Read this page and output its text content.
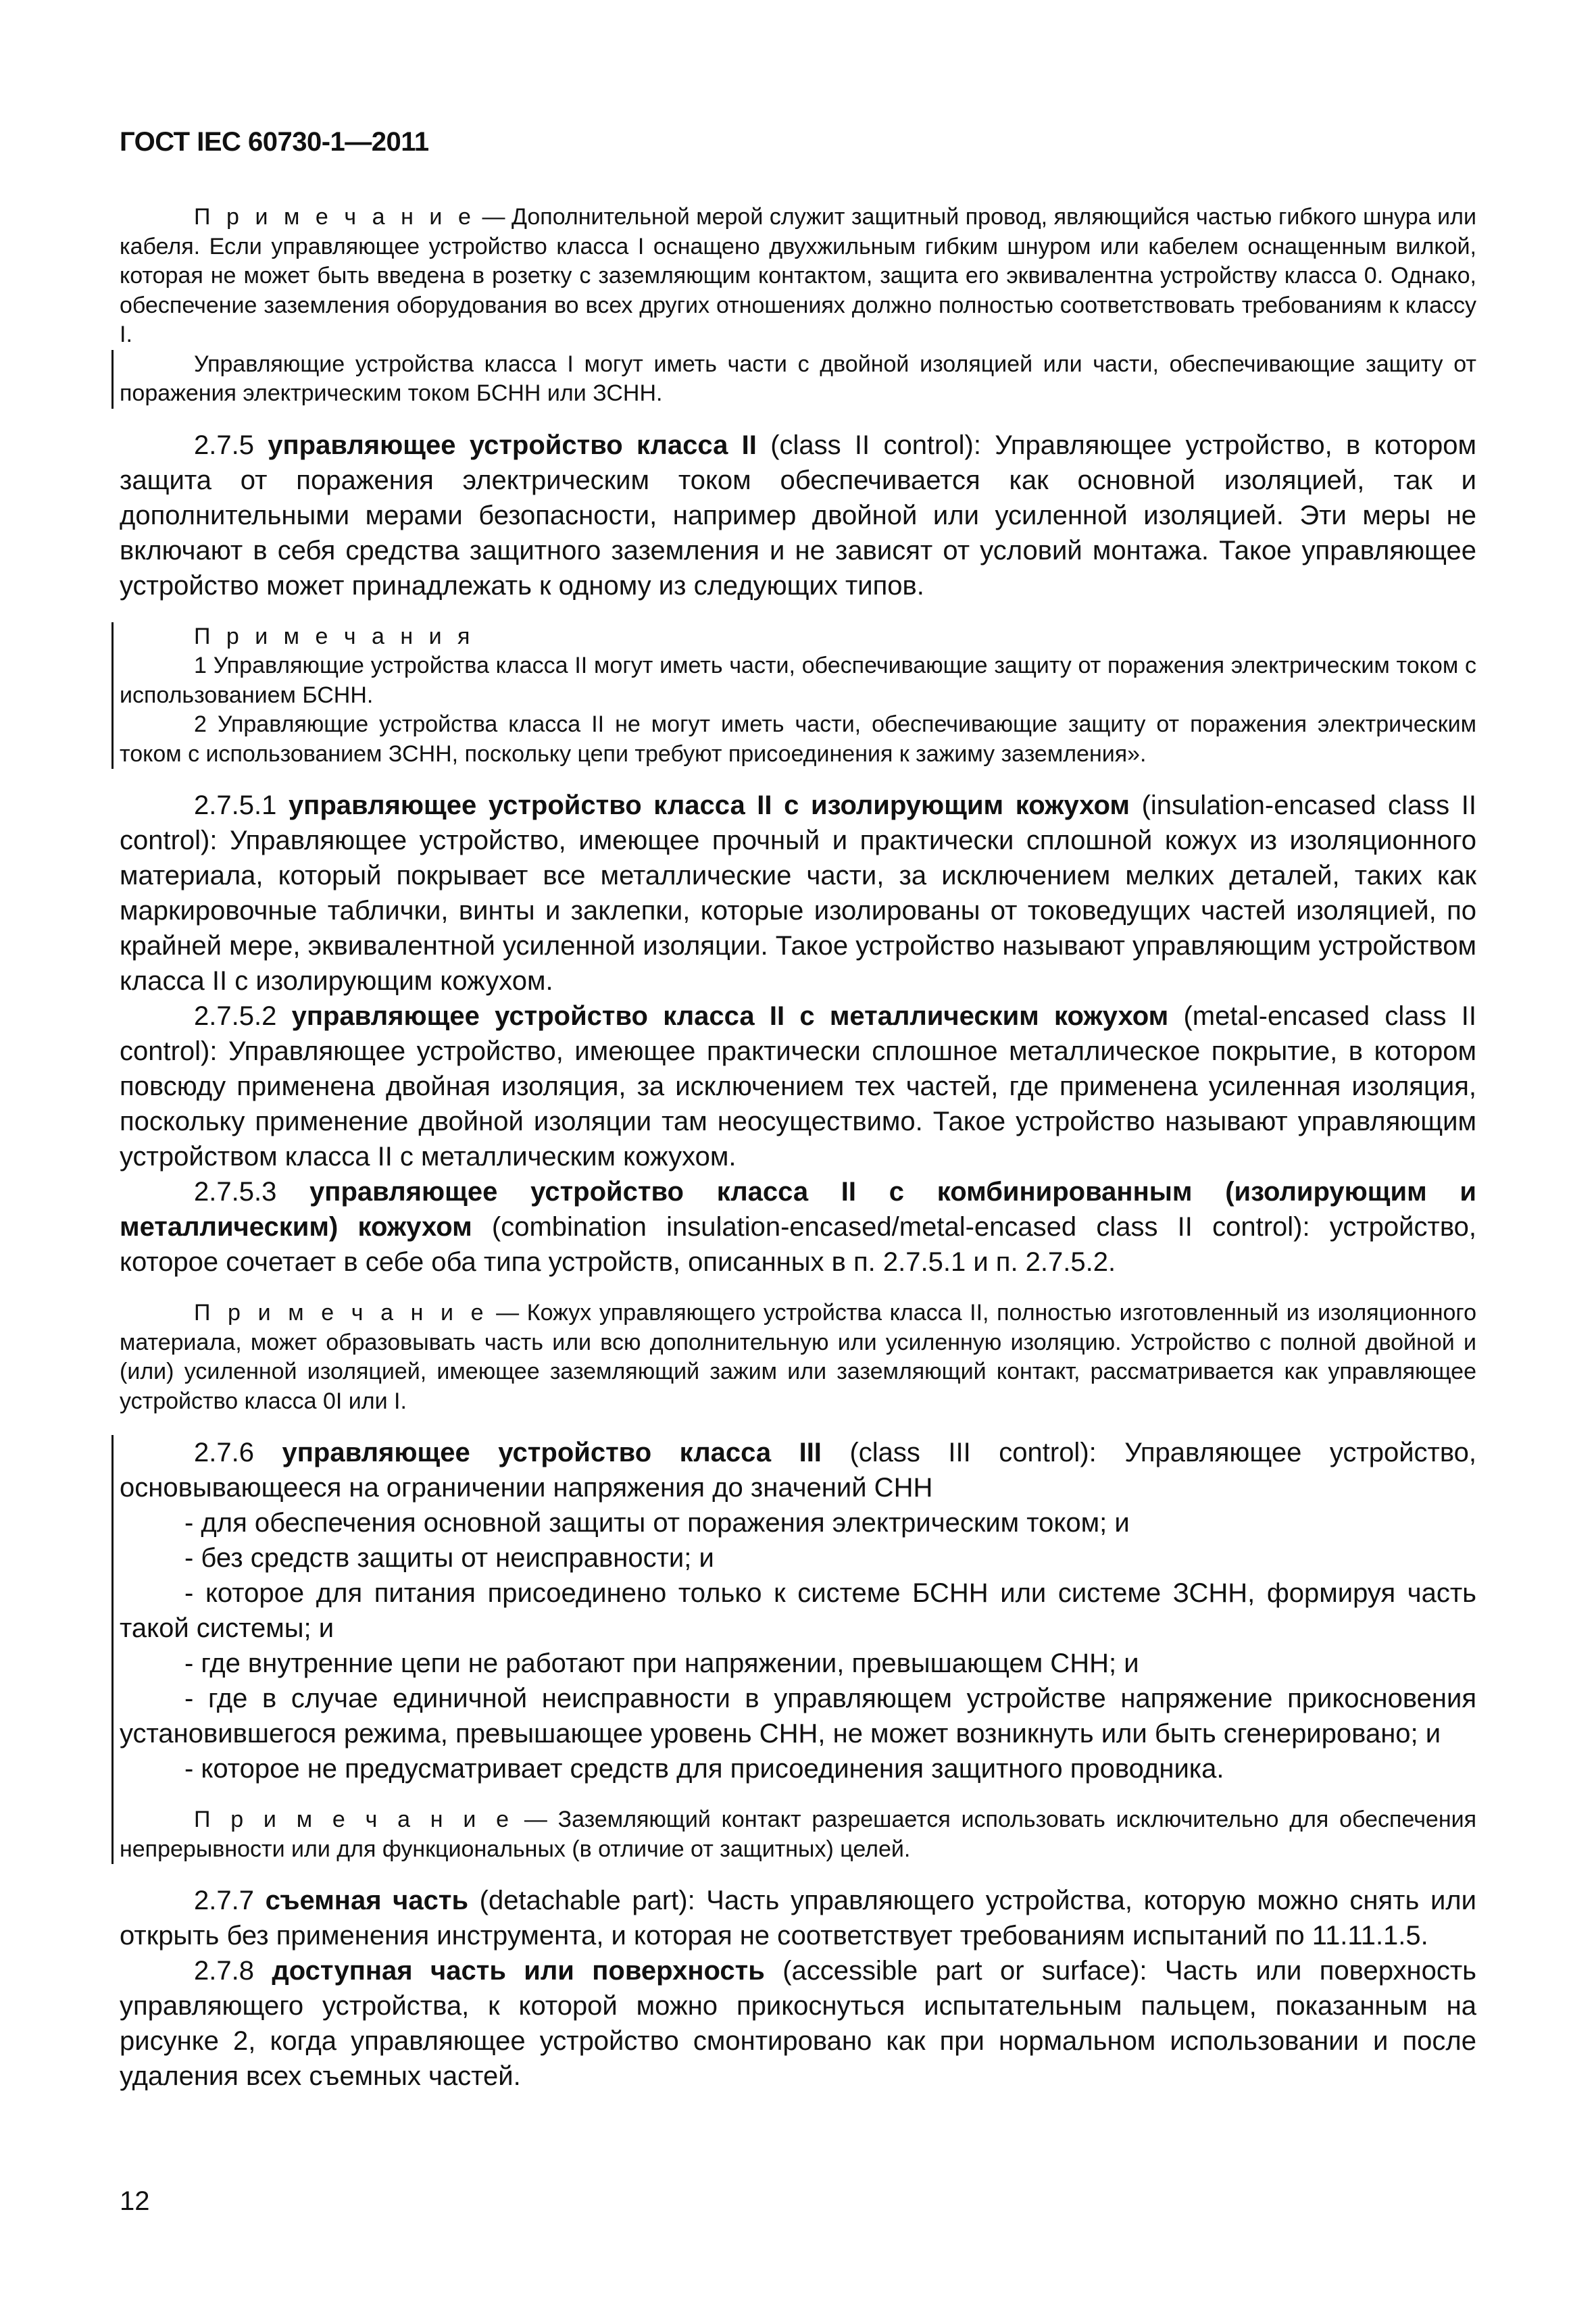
ГОСТ IEC 60730-1—2011

П р и м е ч а н и е — Дополнительной мерой служит защитный провод, являющийся частью гибкого шнура или кабеля. Если управляющее устройство класса I оснащено двухжильным гибким шнуром или кабелем оснащенным вилкой, которая не может быть введена в розетку с заземляющим контактом, защита его эквивалентна устройству класса 0. Однако, обеспечение заземления оборудования во всех других отношениях должно полностью соответствовать требованиям к классу I.

Управляющие устройства класса I могут иметь части с двойной изоляцией или части, обеспечивающие защиту от поражения электрическим током БСНН или ЗСНН.

2.7.5 управляющее устройство класса II (class II control): Управляющее устройство, в котором защита от поражения электрическим током обеспечивается как основной изоляцией, так и дополнительными мерами безопасности, например двойной или усиленной изоляцией. Эти меры не включают в себя средства защитного заземления и не зависят от условий монтажа. Такое управляющее устройство может принадлежать к одному из следующих типов.

П р и м е ч а н и я

1 Управляющие устройства класса II могут иметь части, обеспечивающие защиту от поражения электрическим током с использованием БСНН.

2 Управляющие устройства класса II не могут иметь части, обеспечивающие защиту от поражения электрическим током с использованием ЗСНН, поскольку цепи требуют присоединения к зажиму заземления».

2.7.5.1 управляющее устройство класса II с изолирующим кожухом (insulation-encased class II control): Управляющее устройство, имеющее прочный и практически сплошной кожух из изоляционного материала, который покрывает все металлические части, за исключением мелких деталей, таких как маркировочные таблички, винты и заклепки, которые изолированы от токоведущих частей изоляцией, по крайней мере, эквивалентной усиленной изоляции. Такое устройство называют управляющим устройством класса II с изолирующим кожухом.

2.7.5.2 управляющее устройство класса II с металлическим кожухом (metal-encased class II control): Управляющее устройство, имеющее практически сплошное металлическое покрытие, в котором повсюду применена двойная изоляция, за исключением тех частей, где применена усиленная изоляция, поскольку применение двойной изоляции там неосуществимо. Такое устройство называют управляющим устройством класса II с металлическим кожухом.

2.7.5.3 управляющее устройство класса II с комбинированным (изолирующим и металлическим) кожухом (combination insulation-encased/metal-encased class II control): устройство, которое сочетает в себе оба типа устройств, описанных в п. 2.7.5.1 и п. 2.7.5.2.

П р и м е ч а н и е — Кожух управляющего устройства класса II, полностью изготовленный из изоляционного материала, может образовывать часть или всю дополнительную или усиленную изоляцию. Устройство с полной двойной и (или) усиленной изоляцией, имеющее заземляющий зажим или заземляющий контакт, рассматривается как управляющее устройство класса 0I или I.

2.7.6 управляющее устройство класса III (class III control): Управляющее устройство, основывающееся на ограничении напряжения до значений СНН

- для обеспечения основной защиты от поражения электрическим током; и

- без средств защиты от неисправности; и

- которое для питания присоединено только к системе БСНН или системе ЗСНН, формируя часть такой системы; и

- где внутренние цепи не работают при напряжении, превышающем СНН; и

- где в случае единичной неисправности в управляющем устройстве напряжение прикосновения установившегося режима, превышающее уровень СНН, не может возникнуть или быть сгенерировано; и

- которое не предусматривает средств для присоединения защитного проводника.

П р и м е ч а н и е — Заземляющий контакт разрешается использовать исключительно для обеспечения непрерывности или для функциональных (в отличие от защитных) целей.

2.7.7 съемная часть (detachable part): Часть управляющего устройства, которую можно снять или открыть без применения инструмента, и которая не соответствует требованиям испытаний по 11.11.1.5.

2.7.8 доступная часть или поверхность (accessible part or surface): Часть или поверхность управляющего устройства, к которой можно прикоснуться испытательным пальцем, показанным на рисунке 2, когда управляющее устройство смонтировано как при нормальном использовании и после удаления всех съемных частей.

12
